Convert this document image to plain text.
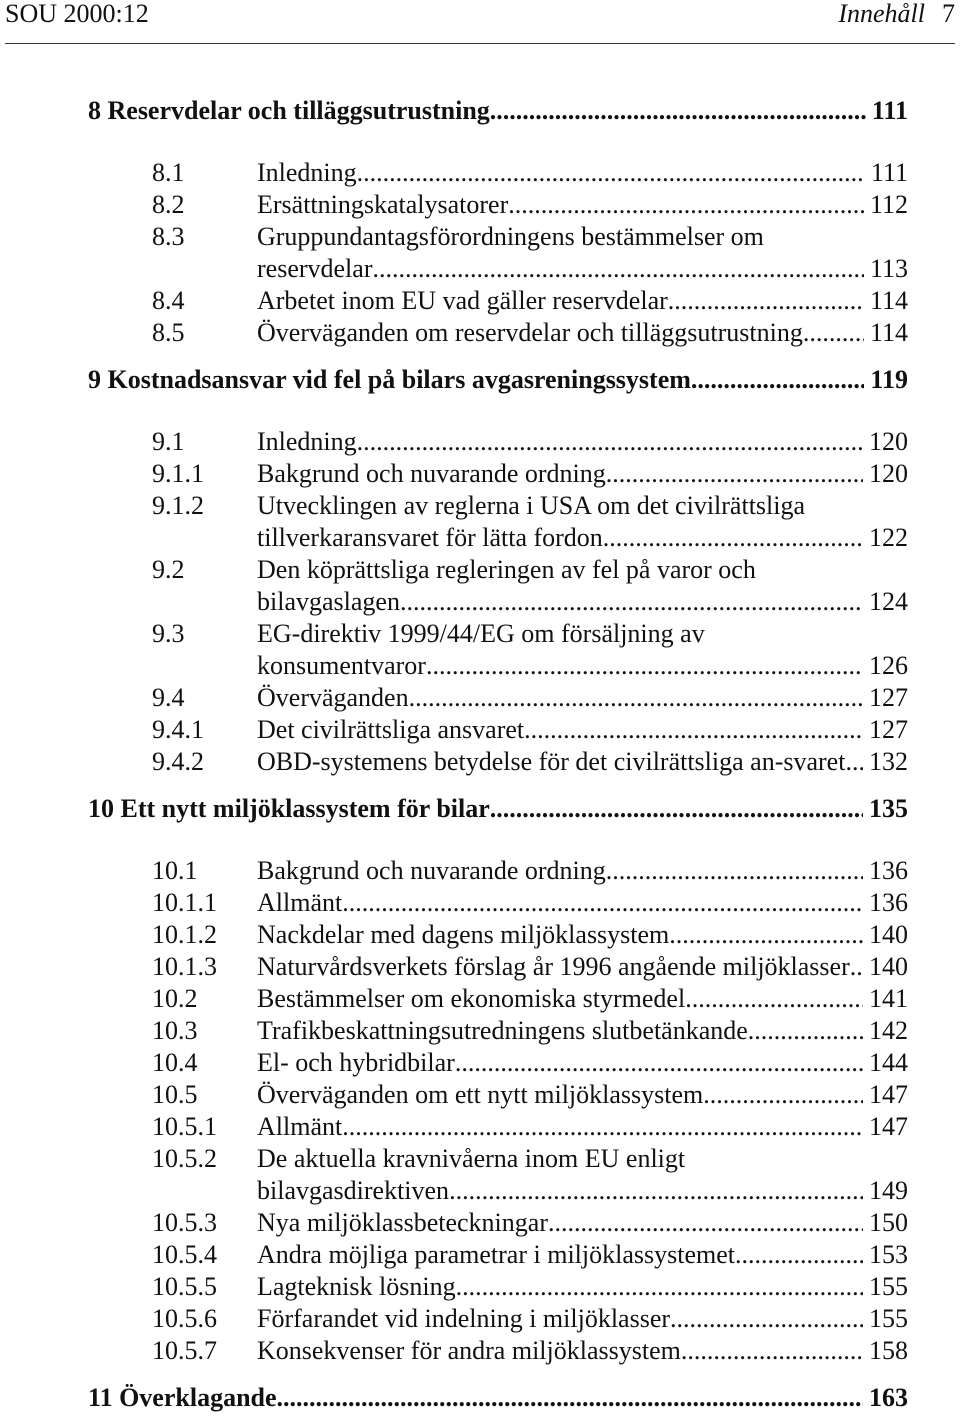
SOU 2000:12	Innehåll 7
8 Reservdelar och tilläggsutrustning .....	111
8.1	Inledning .....	111
8.2	Ersättningskatalysatorer .....	112
8.3	Gruppundantagsförordningens bestämmelser om
reservdelar .....	113
8.4	Arbetet inom EU vad gäller reservdelar .....	114
8.5	Överväganden om reservdelar och tilläggsutrustning .....	114
9 Kostnadsansvar vid fel på bilars avgasreningssystem .....	119
9.1	Inledning .....	120
9.1.1	Bakgrund och nuvarande ordning .....	120
9.1.2	Utvecklingen av reglerna i USA om det civilrättsliga
tillverkaransvaret för lätta fordon .....	122
9.2	Den köprättsliga regleringen av fel på varor och
bilavgaslagen .....	124
9.3	EG-direktiv 1999/44/EG om försäljning av
konsumentvaror .....	126
9.4	Överväganden .....	127
9.4.1	Det civilrättsliga ansvaret .....	127
9.4.2	OBD-systemens betydelse för det civilrättsliga an-svaret ..... 132
10 Ett nytt miljöklassystem för bilar .....	135
10.1	Bakgrund och nuvarande ordning .....	136
10.1.1	Allmänt .....	136
10.1.2	Nackdelar med dagens miljöklassystem .....	140
10.1.3	Naturvårdsverkets förslag år 1996 angående miljöklasser ..... 140
10.2	Bestämmelser om ekonomiska styrmedel .....	141
10.3	Trafikbeskattningsutredningens slutbetänkande .....	142
10.4	El- och hybridbilar .....	144
10.5	Överväganden om ett nytt miljöklassystem .....	147
10.5.1	Allmänt .....	147
10.5.2	De aktuella kravnivåerna inom EU enligt
bilavgasdirektiven .....	149
10.5.3	Nya miljöklassbeteckningar .....	150
10.5.4	Andra möjliga parametrar i miljöklassystemet .....	153
10.5.5	Lagteknisk lösning .....	155
10.5.6	Förfarandet vid indelning i miljöklasser .....	155
10.5.7	Konsekvenser för andra miljöklassystem .....	158
11 Överklagande .....	163
